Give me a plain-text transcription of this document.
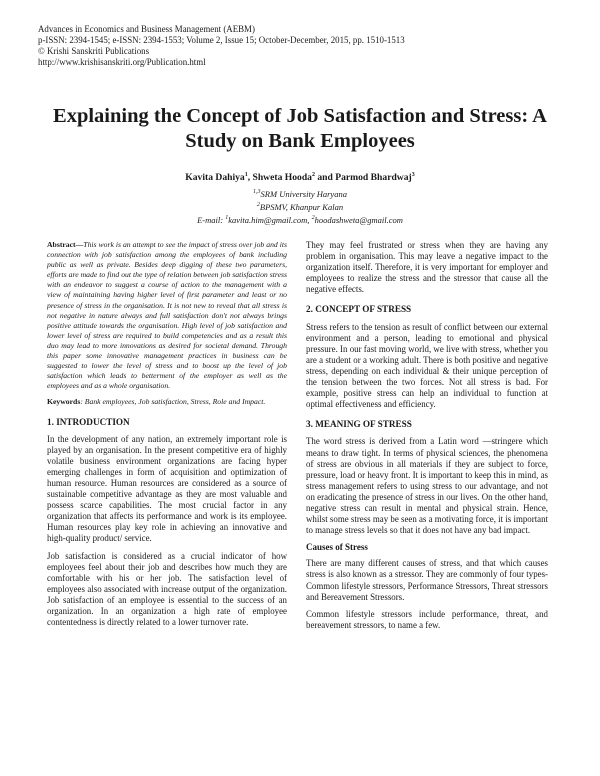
Advances in Economics and Business Management (AEBM)
p-ISSN: 2394-1545; e-ISSN: 2394-1553; Volume 2, Issue 15; October-December, 2015, pp. 1510-1513
© Krishi Sanskriti Publications
http://www.krishisanskriti.org/Publication.html
Explaining the Concept of Job Satisfaction and Stress: A Study on Bank Employees
Kavita Dahiya$^1$, Shweta Hooda$^2$ and Parmod Bhardwaj$^3$
$^{1,3}$SRM University Haryana
$^2$BPSMV, Khanpur Kalan
E-mail: $^1$kavita.him@gmail.com, $^2$hoodashweta@gmail.com
Abstract—This work is an attempt to see the impact of stress over job and its connection with job satisfaction among the employees of bank including public as well as private. Besides deep digging of these two parameters, efforts are made to find out the type of relation between job satisfaction stress with an endeavor to suggest a course of action to the management with a view of maintaining having higher level of first parameter and least or no presence of stress in the organisation. It is not new to reveal that all stress is not negative in nature always and full satisfaction don't not always brings positive attitude towards the organisation. High level of job satisfaction and lower level of stress are required to build competencies and as a result this duo may lead to more innovations as desired for societal demand. Through this paper some innovative management practices in business can be suggested to lower the level of stress and to boost up the level of job satisfaction which leads to betterment of the employer as well as the employees and as a whole organisation.
Keywords: Bank employees, Job satisfaction, Stress, Role and Impact.
1. INTRODUCTION

In the development of any nation, an extremely important role is played by an organisation. In the present competitive era of highly volatile business environment organizations are facing hyper emerging challenges in form of acquisition and optimization of human resource. Human resources are considered as a source of sustainable competitive advantage as they are most valuable and possess scarce capabilities. The most crucial factor in any organization that affects its performance and work is its employee. Human resources play key role in achieving an innovative and high-quality product/ service.

Job satisfaction is considered as a crucial indicator of how employees feel about their job and describes how much they are comfortable with his or her job. The satisfaction level of employees also associated with increase output of the organization. Job satisfaction of an employee is essential to the success of an organization. In an organization a high rate of employee contentedness is directly related to a lower turnover rate.

They may feel frustrated or stress when they are having any problem in organisation. This may leave a negative impact to the organization itself. Therefore, it is very important for employer and employees to realize the stress and the stressor that cause all the negative effects.

2. CONCEPT OF STRESS

Stress refers to the tension as result of conflict between our external environment and a person, leading to emotional and physical pressure. In our fast moving world, we live with stress, whether you are a student or a working adult. There is both positive and negative stress, depending on each individual & their unique perception of the tension between the two forces. Not all stress is bad. For example, positive stress can help an individual to function at optimal effectiveness and efficiency.

3. MEANING OF STRESS

The word stress is derived from a Latin word —stringere which means to draw tight. In terms of physical sciences, the phenomena of stress are obvious in all materials if they are subject to force, pressure, load or heavy front. It is important to keep this in mind, as stress management refers to using stress to our advantage, and not on eradicating the presence of stress in our lives. On the other hand, negative stress can result in mental and physical strain. Hence, whilst some stress may be seen as a motivating force, it is important to manage stress levels so that it does not have any bad impact.

Causes of Stress

There are many different causes of stress, and that which causes stress is also known as a stressor. They are commonly of four types- Common lifestyle stressors, Performance Stressors, Threat stressors and Bereavement Stressors.

Common lifestyle stressors include performance, threat, and bereavement stressors, to name a few.
